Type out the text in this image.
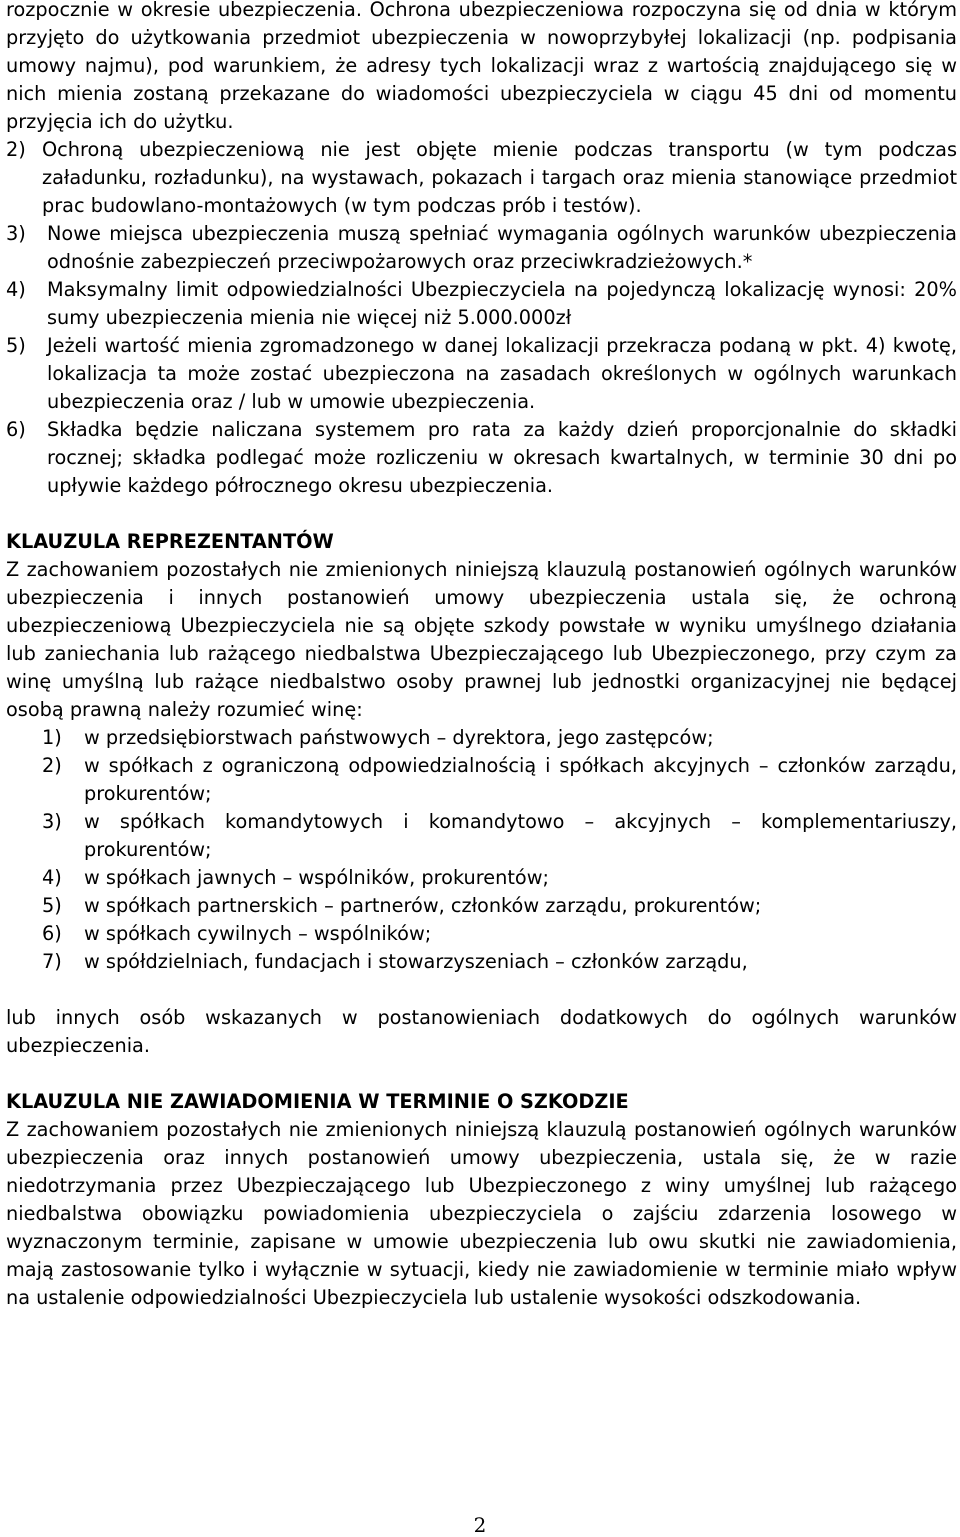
rozpocznie w okresie ubezpieczenia. Ochrona ubezpieczeniowa rozpoczyna się od dnia w którym przyjęto do użytkowania przedmiot ubezpieczenia w nowoprzybyłej lokalizacji (np. podpisania umowy najmu), pod warunkiem, że adresy tych lokalizacji wraz z wartością znajdującego się w nich mienia zostaną przekazane do wiadomości ubezpieczyciela w ciągu 45 dni od momentu przyjęcia ich do użytku.

2) Ochroną ubezpieczeniową nie jest objęte mienie podczas transportu (w tym podczas załadunku, rozładunku), na wystawach, pokazach i targach oraz mienia stanowiące przedmiot prac budowlano-montażowych (w tym podczas prób i testów).
3)	Nowe miejsca ubezpieczenia muszą spełniać wymagania ogólnych warunków ubezpieczenia odnośnie zabezpieczeń przeciwpożarowych oraz przeciwkradzieżowych.*
4)	Maksymalny limit odpowiedzialności Ubezpieczyciela na pojedynczą lokalizację wynosi: 20% sumy ubezpieczenia mienia nie więcej niż 5.000.000zł
5)	Jeżeli wartość mienia zgromadzonego w danej lokalizacji przekracza podaną w pkt. 4) kwotę, lokalizacja ta może zostać ubezpieczona na zasadach określonych w ogólnych warunkach ubezpieczenia oraz / lub w umowie ubezpieczenia.
6)	Składka będzie naliczana systemem pro rata za każdy dzień proporcjonalnie do składki rocznej; składka podlegać może rozliczeniu w okresach kwartalnych, w terminie 30 dni po upływie każdego półrocznego okresu ubezpieczenia.
KLAUZULA REPREZENTANTÓW

Z zachowaniem pozostałych nie zmienionych niniejszą klauzulą postanowień ogólnych warunków ubezpieczenia i innych postanowień umowy ubezpieczenia ustala się, że ochroną ubezpieczeniową Ubezpieczyciela nie są objęte szkody powstałe w wyniku umyślnego działania lub zaniechania lub rażącego niedbalstwa Ubezpieczającego lub Ubezpieczonego, przy czym za winę umyślną lub rażące niedbalstwo osoby prawnej lub jednostki organizacyjnej nie będącej osobą prawną należy rozumieć winę:

1)	w przedsiębiorstwach państwowych – dyrektora, jego zastępców;
2)	w spółkach z ograniczoną odpowiedzialnością i spółkach akcyjnych – członków zarządu, prokurentów;
3)	w spółkach komandytowych i komandytowo – akcyjnych – komplementariuszy, prokurentów;
4)	w spółkach jawnych – wspólników, prokurentów;
5)	w spółkach partnerskich – partnerów, członków zarządu, prokurentów;
6)	w spółkach cywilnych – wspólników;
7)	w spółdzielniach, fundacjach i stowarzyszeniach – członków zarządu,

lub innych osób wskazanych w postanowieniach dodatkowych do ogólnych warunków ubezpieczenia.

KLAUZULA NIE ZAWIADOMIENIA W TERMINIE O SZKODZIE

Z zachowaniem pozostałych nie zmienionych niniejszą klauzulą postanowień ogólnych warunków ubezpieczenia oraz innych postanowień umowy ubezpieczenia, ustala się, że w razie niedotrzymania przez Ubezpieczającego lub Ubezpieczonego z winy umyślnej lub rażącego niedbalstwa obowiązku powiadomienia ubezpieczyciela o zajściu zdarzenia losowego w wyznaczonym terminie, zapisane w umowie ubezpieczenia lub owu skutki nie zawiadomienia, mają zastosowanie tylko i wyłącznie w sytuacji, kiedy nie zawiadomienie w terminie miało wpływ na ustalenie odpowiedzialności Ubezpieczyciela lub ustalenie wysokości odszkodowania.

2
